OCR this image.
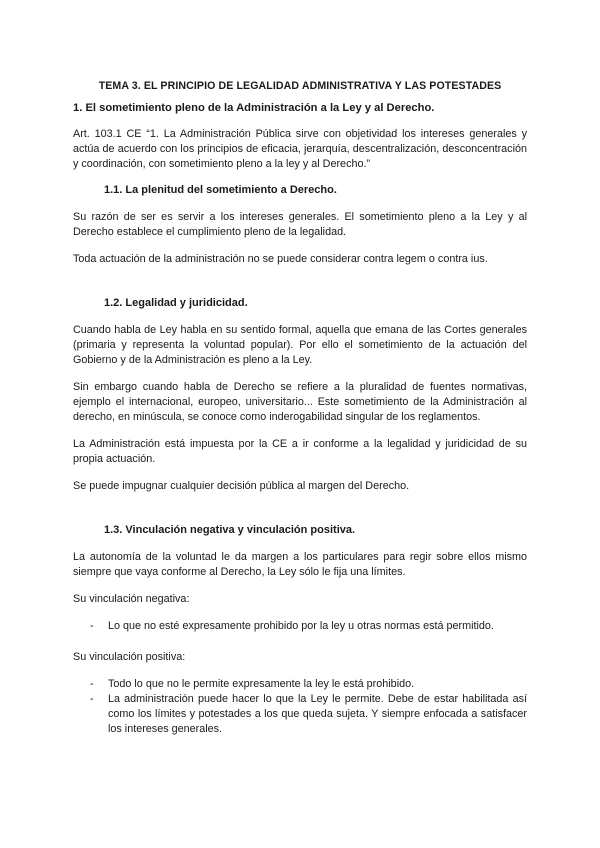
TEMA 3. EL PRINCIPIO DE LEGALIDAD ADMINISTRATIVA Y LAS POTESTADES
1. El sometimiento pleno de la Administración a la Ley y al Derecho.

Art. 103.1 CE “1. La Administración Pública sirve con objetividad los intereses generales y actúa de acuerdo con los principios de eficacia, jerarquía, descentralización, desconcentración y coordinación, con sometimiento pleno a la ley y al Derecho.”

1.1. La plenitud del sometimiento a Derecho.

Su razón de ser es servir a los intereses generales. El sometimiento pleno a la Ley y al Derecho establece el cumplimiento pleno de la legalidad.

Toda actuación de la administración no se puede considerar contra legem o contra ius.

1.2. Legalidad y juridicidad.

Cuando habla de Ley habla en su sentido formal, aquella que emana de las Cortes generales (primaria y representa la voluntad popular). Por ello el sometimiento de la actuación del Gobierno y de la Administración es pleno a la Ley.

Sin embargo cuando habla de Derecho se refiere a la pluralidad de fuentes normativas, ejemplo el internacional, europeo, universitario... Este sometimiento de la Administración al derecho, en minúscula, se conoce como inderogabilidad singular de los reglamentos.

La Administración está impuesta por la CE a ir conforme a la legalidad y juridicidad de su propia actuación.

Se puede impugnar cualquier decisión pública al margen del Derecho.

1.3. Vinculación negativa y vinculación positiva.

La autonomía de la voluntad le da margen a los particulares para regir sobre ellos mismo siempre que vaya conforme al Derecho, la Ley sólo le fija una límites.

Su vinculación negativa:

- Lo que no esté expresamente prohibido por la ley u otras normas está permitido.

Su vinculación positiva:

- Todo lo que no le permite expresamente la ley le está prohibido.
- La administración puede hacer lo que la Ley le permite. Debe de estar habilitada así como los límites y potestades a los que queda sujeta. Y siempre enfocada a satisfacer los intereses generales.
